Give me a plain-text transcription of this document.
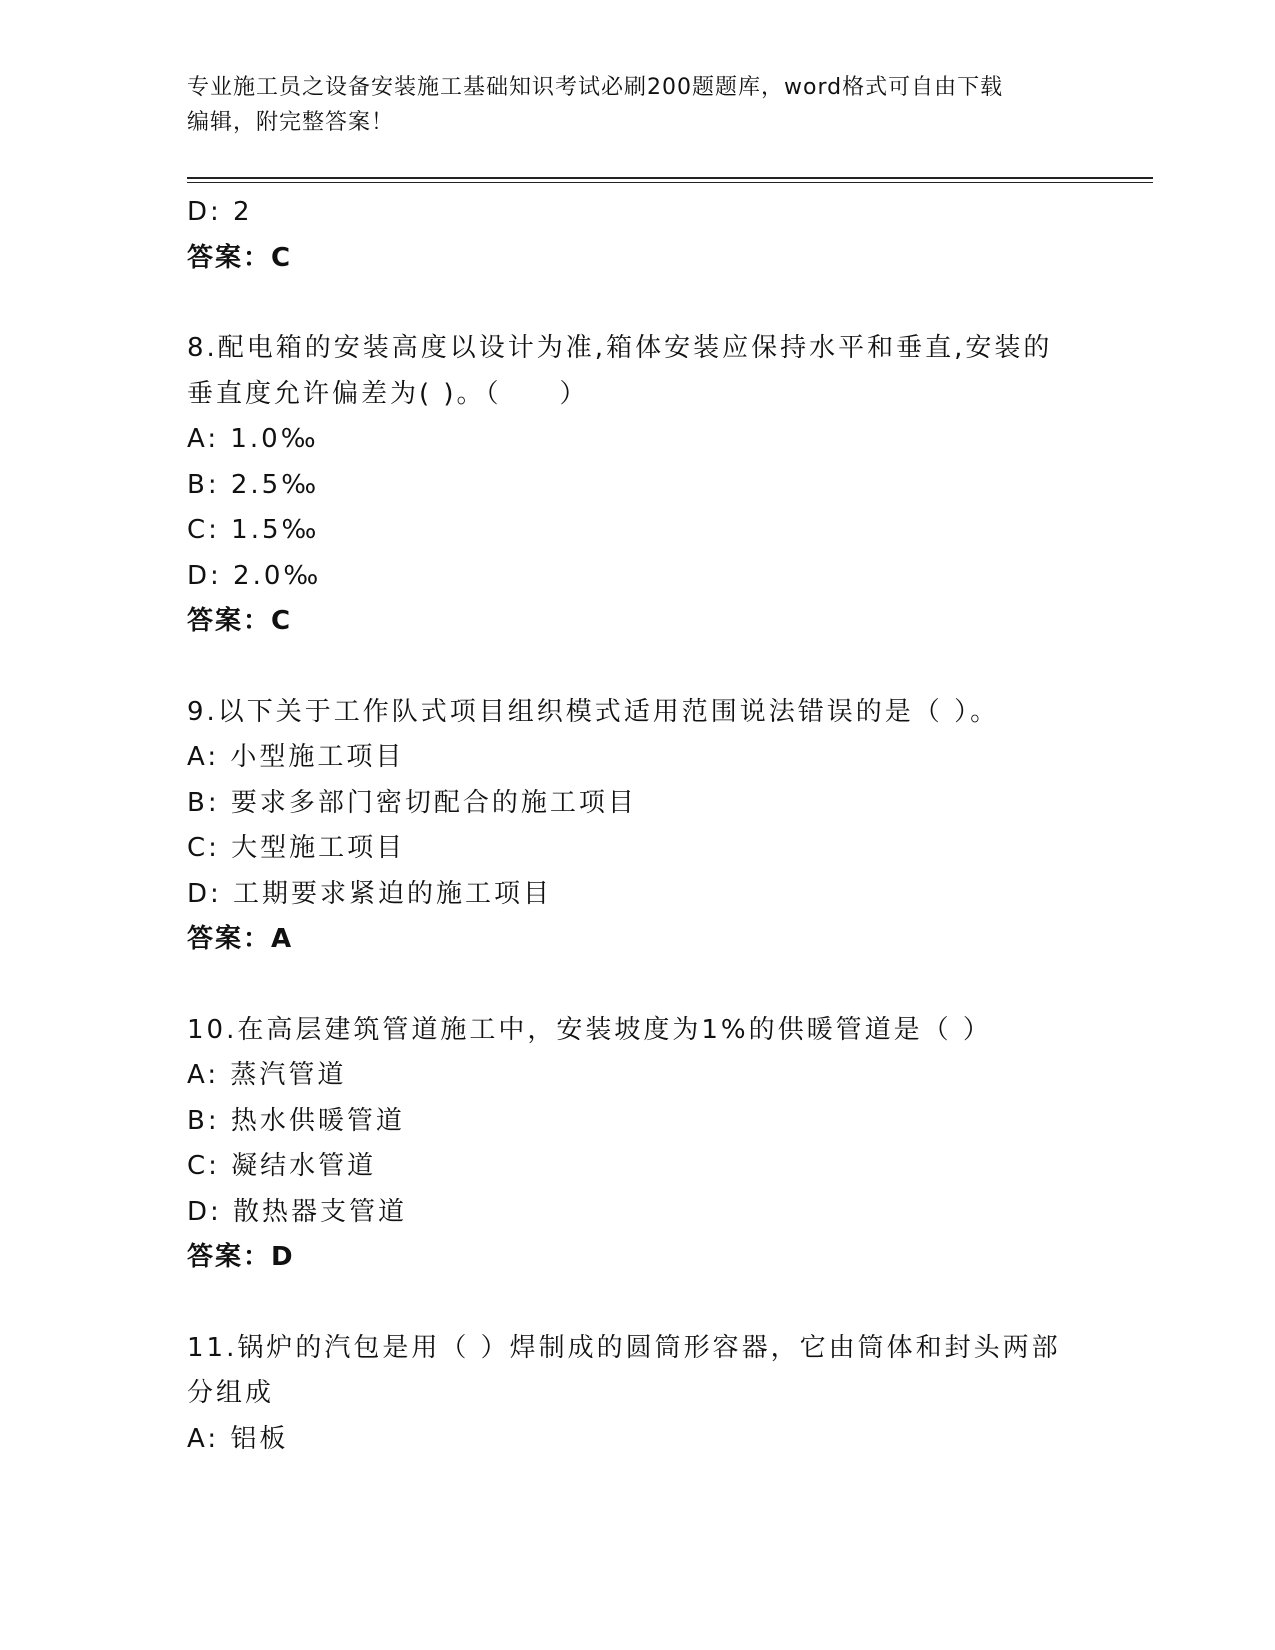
专业施工员之设备安装施工基础知识考试必刷200题题库，word格式可自由下载
编辑，附完整答案！
D: 2
答案：C
8.配电箱的安装高度以设计为准,箱体安装应保持水平和垂直,安装的
垂直度允许偏差为( )。（　　）
A: 1.0‰
B: 2.5‰
C: 1.5‰
D: 2.0‰
答案：C
9.以下关于工作队式项目组织模式适用范围说法错误的是（ ）。
A: 小型施工项目
B: 要求多部门密切配合的施工项目
C: 大型施工项目
D: 工期要求紧迫的施工项目
答案：A
10.在高层建筑管道施工中，安装坡度为1%的供暖管道是（ ）
A: 蒸汽管道
B: 热水供暖管道
C: 凝结水管道
D: 散热器支管道
答案：D
11.锅炉的汽包是用（ ）焊制成的圆筒形容器，它由筒体和封头两部
分组成
A: 铝板
